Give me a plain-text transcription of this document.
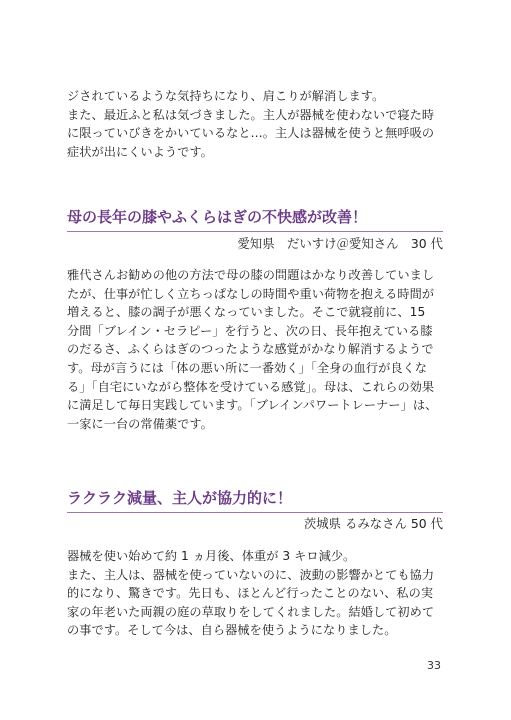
ジされているような気持ちになり、肩こりが解消します。
また、最近ふと私は気づきました。主人が器械を使わないで寝た時
に限っていびきをかいているなと…。主人は器械を使うと無呼吸の
症状が出にくいようです。

母の長年の膝やふくらはぎの不快感が改善！

愛知県　だいすけ＠愛知さん　30 代

雅代さんお勧めの他の方法で母の膝の問題はかなり改善していまし
たが、仕事が忙しく立ちっぱなしの時間や重い荷物を抱える時間が
増えると、膝の調子が悪くなっていました。そこで就寝前に、15
分間「ブレイン・セラピー」を行うと、次の日、長年抱えている膝
のだるさ、ふくらはぎのつったような感覚がかなり解消するようで
す。母が言うには「体の悪い所に一番効く」「全身の血行が良くな
る」「自宅にいながら整体を受けている感覚」。母は、これらの効果
に満足して毎日実践しています。「ブレインパワートレーナー」は、
一家に一台の常備薬です。

ラクラク減量、主人が協力的に！

茨城県 るみなさん 50 代

器械を使い始めて約 1 ヵ月後、体重が 3 キロ減少。
また、主人は、器械を使っていないのに、波動の影響かとても協力
的になり、驚きです。先日も、ほとんど行ったことのない、私の実
家の年老いた両親の庭の草取りをしてくれました。結婚して初めて
の事です。そして今は、自ら器械を使うようになりました。

33
